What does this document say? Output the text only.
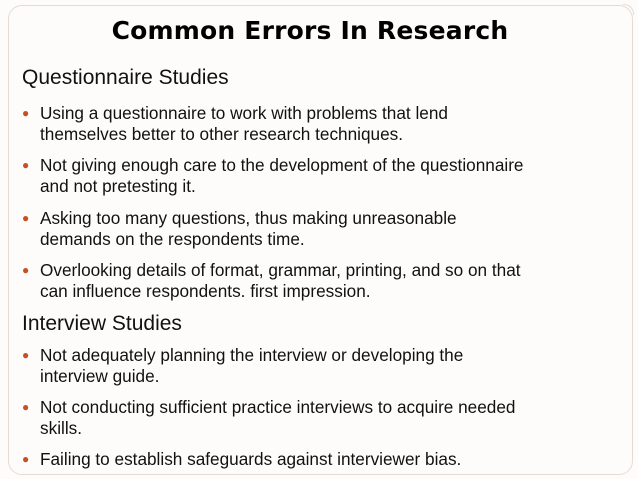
Common Errors In Research
Questionnaire Studies
● Using a questionnaire to work with problems that lend
themselves better to other research techniques.
● Not giving enough care to the development of the questionnaire
and not pretesting it.
● Asking too many questions, thus making unreasonable
demands on the respondents time.
● Overlooking details of format, grammar, printing, and so on that
can influence respondents. first impression.
Interview Studies
● Not adequately planning the interview or developing the
interview guide.
● Not conducting sufficient practice interviews to acquire needed
skills.
● Failing to establish safeguards against interviewer bias.
